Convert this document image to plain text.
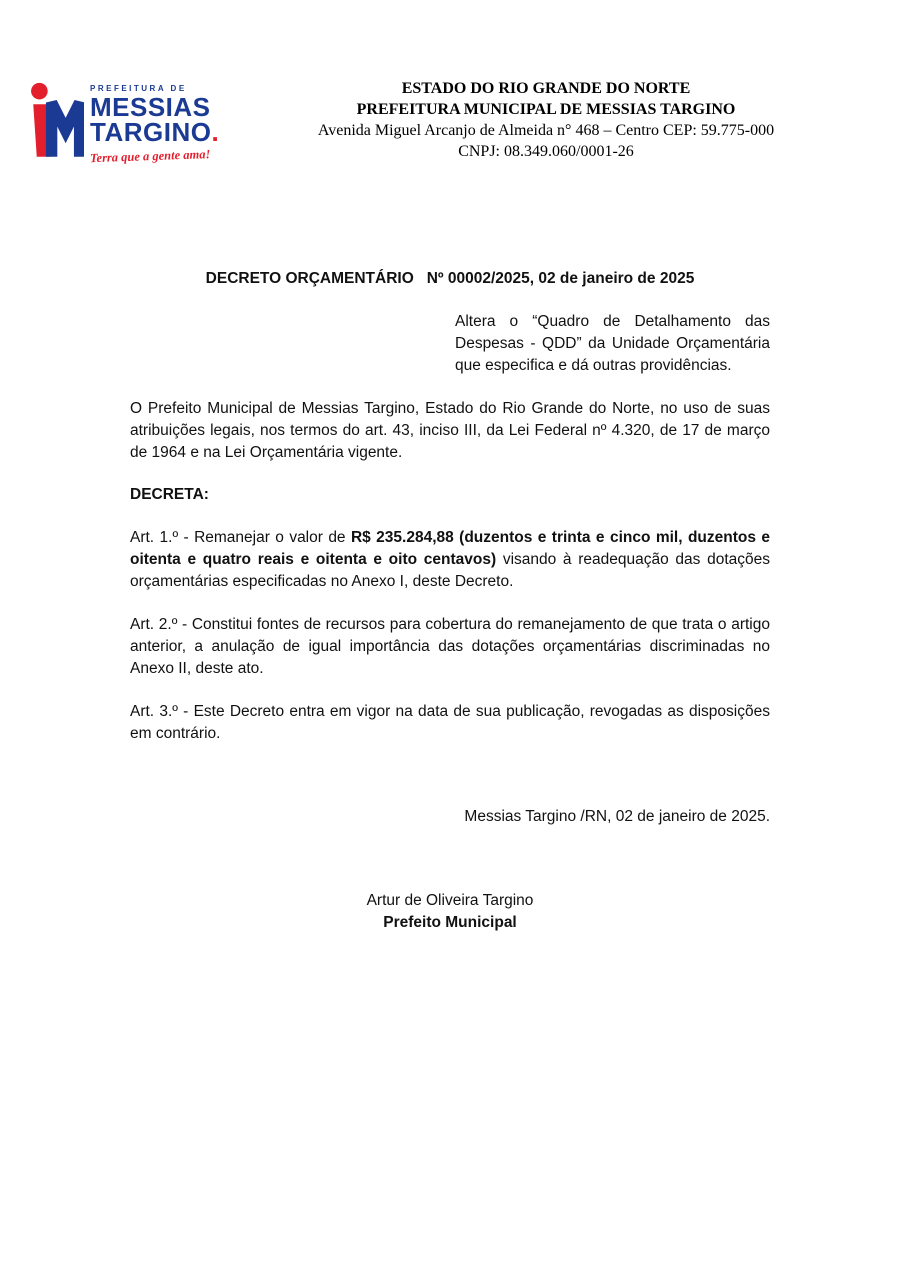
PREFEITURA DE
MESSIAS
TARGINO.
Terra que a gente ama!
ESTADO DO RIO GRANDE DO NORTE
PREFEITURA MUNICIPAL DE MESSIAS TARGINO
Avenida Miguel Arcanjo de Almeida n° 468 – Centro CEP: 59.775-000
CNPJ: 08.349.060/0001-26
DECRETO ORÇAMENTÁRIO   Nº 00002/2025, 02 de janeiro de 2025
Altera o “Quadro de Detalhamento das Despesas - QDD” da Unidade Orçamentária que especifica e dá outras providências.
O Prefeito Municipal de Messias Targino, Estado do Rio Grande do Norte, no uso de suas atribuições legais, nos termos do art. 43, inciso III, da Lei Federal nº 4.320, de 17 de março de 1964 e na Lei Orçamentária vigente.
DECRETA:
Art. 1.º - Remanejar o valor de R$ 235.284,88 (duzentos e trinta e cinco mil, duzentos e oitenta e quatro reais e oitenta e oito centavos) visando à readequação das dotações orçamentárias especificadas no Anexo I, deste Decreto.
Art. 2.º - Constitui fontes de recursos para cobertura do remanejamento de que trata o artigo anterior, a anulação de igual importância das dotações orçamentárias discriminadas no Anexo II, deste ato.
Art. 3.º - Este Decreto entra em vigor na data de sua publicação, revogadas as disposições em contrário.
Messias Targino /RN, 02 de janeiro de 2025.
Artur de Oliveira Targino
Prefeito Municipal
